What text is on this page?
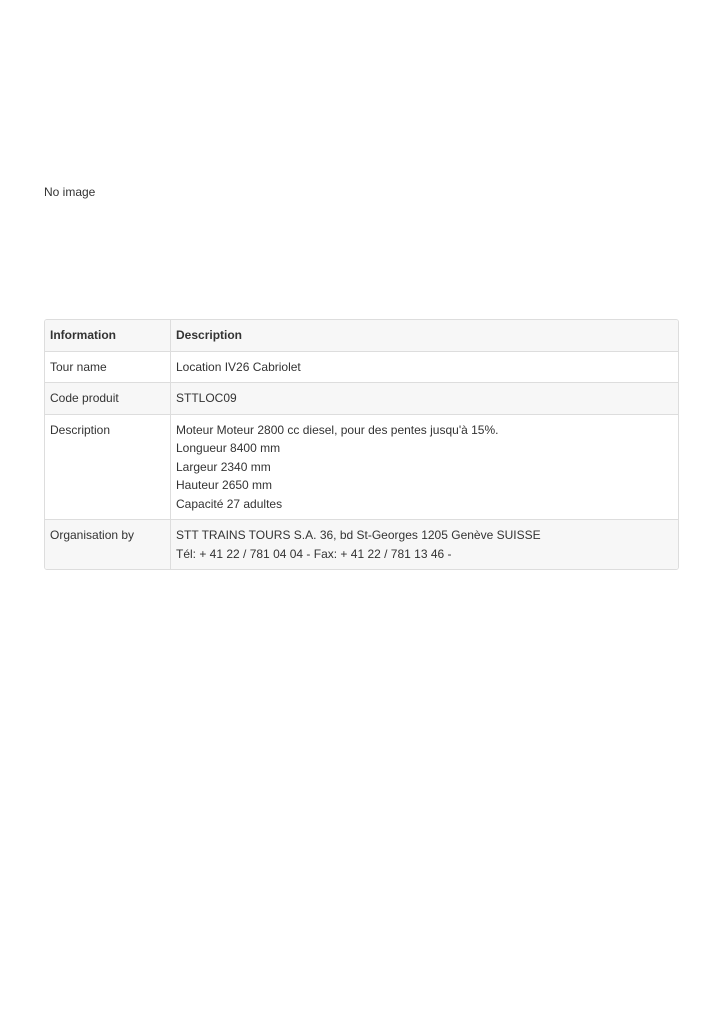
No image
Information	Description
Tour name	Location IV26 Cabriolet

Code produit	STTLOC09

Description	Moteur Moteur 2800 cc diesel, pour des pentes jusqu'à 15%.
Longueur 8400 mm
Largeur 2340 mm
Hauteur 2650 mm
Capacité 27 adultes

Organisation by	STT TRAINS TOURS S.A. 36, bd St-Georges 1205 Genève SUISSE
Tél: + 41 22 / 781 04 04 - Fax: + 41 22 / 781 13 46 -
